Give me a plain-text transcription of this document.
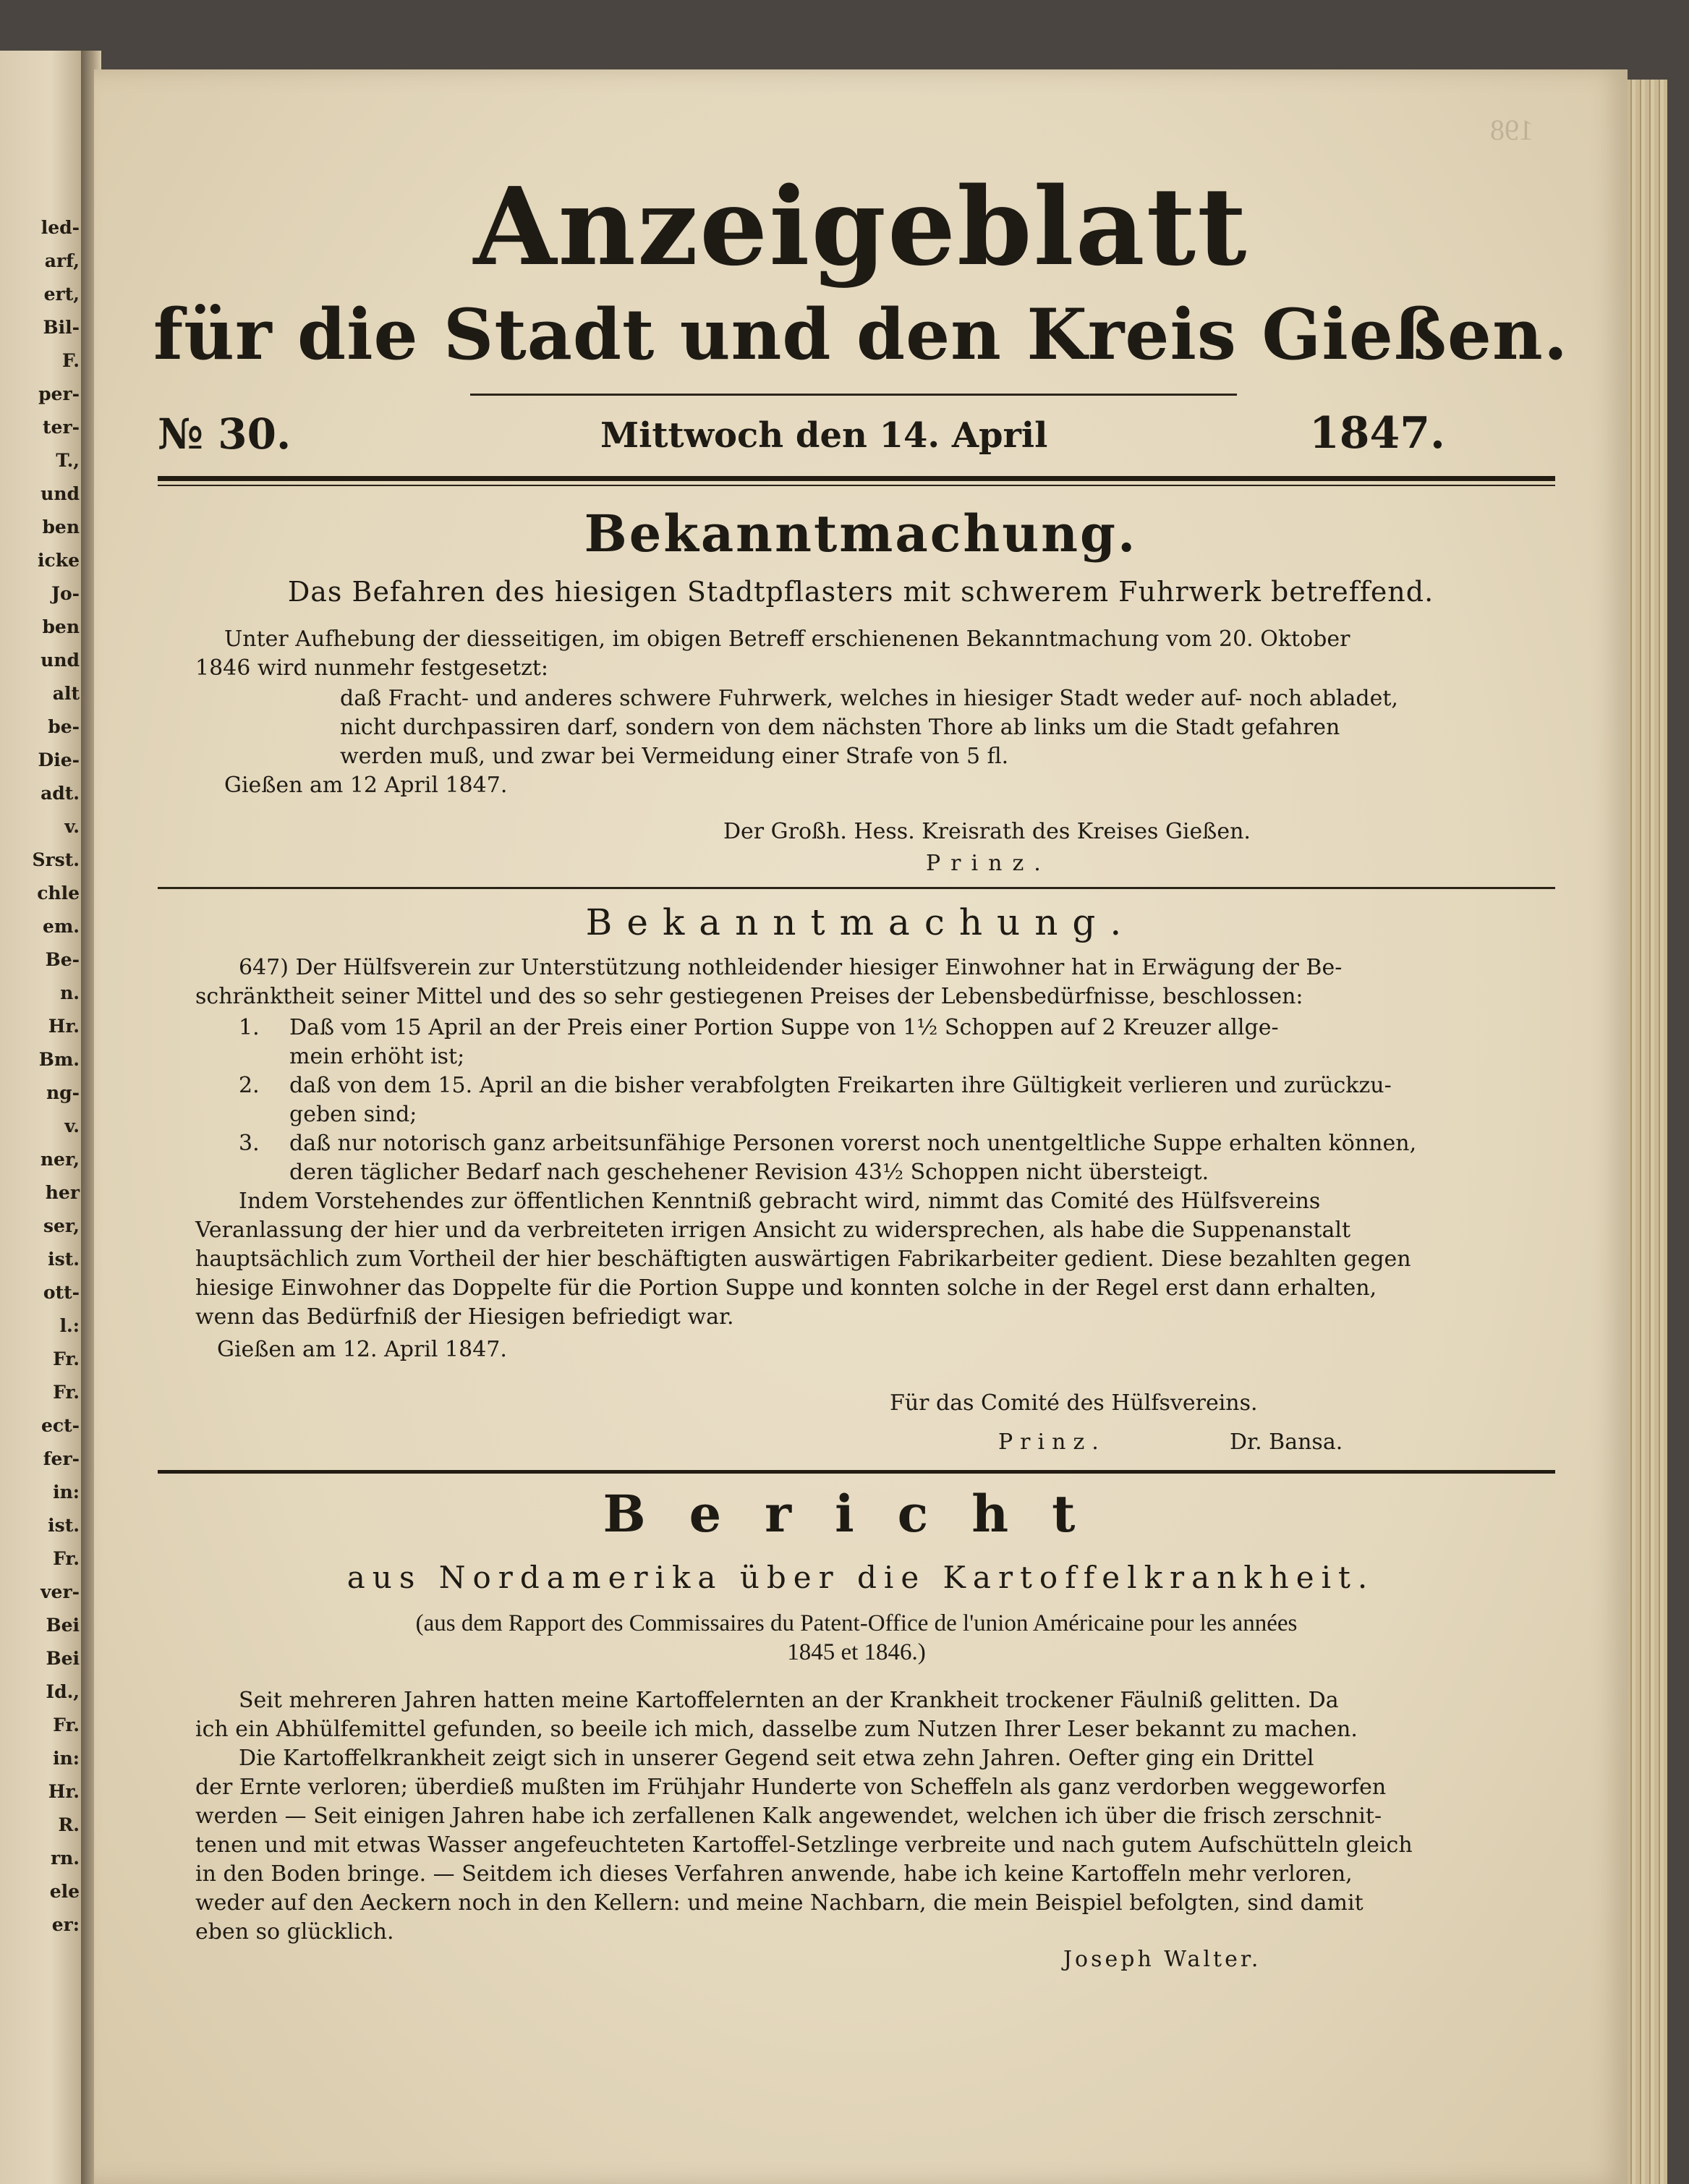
led-
arf,
ert,
Bil-
F.
per-
ter-
T.,
und
ben
icke
Jo-
ben
und
alt
be-
Die-
adt.
v.
Srst.
chle
em.
Be-
n.
Hr.
Bm.
ng-
v.
ner,
her
ser,
ist.
ott-
l.:
Fr.
Fr.
ect-
fer-
in:
ist.
Fr.
ver-
Bei
Bei
Id.,
Fr.
in:
Hr.
R.
rn.
ele
er:
198
Anzeigeblatt
für die Stadt und den Kreis Gießen.
№ 30.	Mittwoch den 14. April	1847.
Bekanntmachung.
Das Befahren des hiesigen Stadtpflasters mit schwerem Fuhrwerk betreffend.
Unter Aufhebung der diesseitigen, im obigen Betreff erschienenen Bekanntmachung vom 20. Oktober
1846 wird nunmehr festgesetzt:
daß Fracht- und anderes schwere Fuhrwerk, welches in hiesiger Stadt weder auf- noch abladet,
nicht durchpassiren darf, sondern von dem nächsten Thore ab links um die Stadt gefahren
werden muß, und zwar bei Vermeidung einer Strafe von 5 fl.
Gießen am 12 April 1847.
Der Großh. Hess. Kreisrath des Kreises Gießen.
Prinz.
Bekanntmachung.
647) Der Hülfsverein zur Unterstützung nothleidender hiesiger Einwohner hat in Erwägung der Be-
schränktheit seiner Mittel und des so sehr gestiegenen Preises der Lebensbedürfnisse, beschlossen:
1. Daß vom 15 April an der Preis einer Portion Suppe von 1½ Schoppen auf 2 Kreuzer allge-
mein erhöht ist;
2. daß von dem 15. April an die bisher verabfolgten Freikarten ihre Gültigkeit verlieren und zurückzu-
geben sind;
3. daß nur notorisch ganz arbeitsunfähige Personen vorerst noch unentgeltliche Suppe erhalten können,
deren täglicher Bedarf nach geschehener Revision 43½ Schoppen nicht übersteigt.
Indem Vorstehendes zur öffentlichen Kenntniß gebracht wird, nimmt das Comité des Hülfsvereins
Veranlassung der hier und da verbreiteten irrigen Ansicht zu widersprechen, als habe die Suppenanstalt
hauptsächlich zum Vortheil der hier beschäftigten auswärtigen Fabrikarbeiter gedient. Diese bezahlten gegen
hiesige Einwohner das Doppelte für die Portion Suppe und konnten solche in der Regel erst dann erhalten,
wenn das Bedürfniß der Hiesigen befriedigt war.
Gießen am 12. April 1847.
Für das Comité des Hülfsvereins.
Prinz.	Dr. Bansa.
Bericht
aus Nordamerika über die Kartoffelkrankheit.
(aus dem Rapport des Commissaires du Patent-Office de l'union Américaine pour les années
1845 et 1846.)
Seit mehreren Jahren hatten meine Kartoffelernten an der Krankheit trockener Fäulniß gelitten. Da
ich ein Abhülfemittel gefunden, so beeile ich mich, dasselbe zum Nutzen Ihrer Leser bekannt zu machen.
Die Kartoffelkrankheit zeigt sich in unserer Gegend seit etwa zehn Jahren. Oefter ging ein Drittel
der Ernte verloren; überdieß mußten im Frühjahr Hunderte von Scheffeln als ganz verdorben weggeworfen
werden — Seit einigen Jahren habe ich zerfallenen Kalk angewendet, welchen ich über die frisch zerschnit-
tenen und mit etwas Wasser angefeuchteten Kartoffel-Setzlinge verbreite und nach gutem Aufschütteln gleich
in den Boden bringe. — Seitdem ich dieses Verfahren anwende, habe ich keine Kartoffeln mehr verloren,
weder auf den Aeckern noch in den Kellern: und meine Nachbarn, die mein Beispiel befolgten, sind damit
eben so glücklich.
Joseph Walter.
